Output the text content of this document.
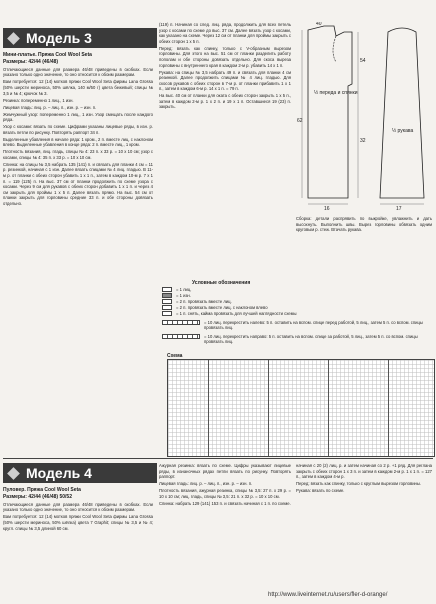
Модель 3

Мини-платье. Пряжа Cool Wool Seta

Размеры: 42/44 (46/48)

Отличающиеся данные для размера 46/48 приведены в скобках. Если указано только одно значение, то оно относится к обоим размерам.

Вам потребуется: 12 (14) мотков пряжи Cool Wool Seta фирмы Lana Grossa (50% шерсти мериноса, 50% шёлка, 140 м/50 г) цвета бежевый; спицы № 3,5 и № 4; крючок № 3.

Резинка: попеременно 1 лиц., 1 изн.

Лицевая гладь: лиц. р. – лиц. п., изн. р. – изн. п.

Жемчужный узор: попеременно 1 лиц., 1 изн. Узор смещать после каждого ряда.

Узор с косами: вязать по схеме. Цифрами указаны лицевые ряды, в изн. р. вязать петли по рисунку. Повторять раппорт 34 п.

Выделенные убавления в начале ряда: 1 кром., 2 п. вместе лиц. с наклоном влево. Выделенные убавления в конце ряда: 2 п. вместе лиц., 1 кром.

Плотность вязания, лиц. гладь, спицы № 4: 23 п. x 33 р. = 10 x 10 см; узор с косами, спицы № 4: 35 п. x 33 р. = 10 x 10 см.

Спинка: на спицы № 3,5 набрать 135 (141) п. и связать для планки 4 см = 11 р. резинкой, начиная с 1 изн. Далее вязать спицами № 4 лиц. гладью. В 11-м р. от планки с обеих сторон убавить 1 x 1 п., затем в каждом 10-м р. 7 x 1 п. = 119 (125) п. На выс. 37 см от планки продолжить по схеме узора с косами. Через 9 см для рукавов с обеих сторон добавить 1 x 1 п. и через 4 см закрыть для проймы 1 x 5 п. Далее вязать прямо. На выс. 54 см от планки закрыть для горловины средние 33 п. и обе стороны довязать отдельно.

(119) п. Начиная со след. лиц. ряда, продолжить для всех петель узор с косами по схеме до выс. 37 см. Далее вязать узор с косами, как указано на схеме. Через 12 см от планки для проймы закрыть с обеих сторон 1 x 5 п.

Перед: вязать как спинку, только с V-образным вырезом горловины. Для этого на выс. 51 см от планки разделить работу пополам и обе стороны довязать отдельно. Для скоса выреза горловины с внутреннего края в каждом 2-м р. убавить 14 x 1 п.

Рукава: на спицы № 3,5 набрать 49 п. и связать для планки 4 см резинкой. Далее продолжить спицами № 4 лиц. гладью. Для скосов рукавов с обеих сторон в 7-м р. от планки прибавить 1 x 1 п., затем в каждом 6-м р. 14 x 1 п. = 79 п.

На выс. 40 см от планки для оката с обеих сторон закрыть 1 x 5 п., затем в каждом 2-м р. 1 x 2 п. и 19 x 1 п. Оставшиеся 19 (23) п. закрыть.

½ переда и спинки
½ рукава
62
54
16	17
40
32

Сборка: детали распрявить по выкройке, увлажнить и дать высохнуть. Выполнить швы. Вырез горловины обвязать одним круговым р. стеж. Втачать рукава.

Условные обозначения
= 1 лиц.
= 1 изн.
= 2 п. провязать вместе лиц.
= 2 п. провязать вместе лиц. с наклоном влево
= 1 п. снять, кайма провязать для лучшей наглядности схемы
= 10 лиц. перекрестить налево: 5 п. оставить на вспом. спице перед работой, 5 лиц., затем 5 п. со вспом. спицы провязать лиц.
= 10 лиц. перекрестить направо: 5 п. оставить на вспом. спице за работой, 5 лиц., затем 5 п. со вспом. спицы провязать лиц.
Схема
Модель 4

Пуловер. Пряжа Cool Wool Seta

Размеры: 42/44 (46/48) 50/52

Отличающиеся данные для размера 46/48 приведены в скобках. Если указано только одно значение, то оно относится к обоим размерам.

Вам потребуется: 12 (14) мотков пряжи Cool Wool Seta фирмы Lana Grossa (50% шерсти мериноса, 50% шёлка) цвета 7 Graphit; спицы № 3,5 и № 4; кругл. спицы № 3,5 длиной 60 см.

Ажурная резинка: вязать по схеме. Цифры указывают лицевые ряды, в изнаночных рядах петли вязать по рисунку. Повторять раппорт.

Лицевая гладь: лиц. р. – лиц. п., изн. р. – изн. п.

Плотность вязания, ажурная резинка, спицы № 3,5: 27 п. x 29 р. = 10 x 10 см; лиц. гладь, спицы № 3,5: 21 п. x 32 р. = 10 x 10 см.

Спинка: набрать 129 (141) 153 п. и связать начиная с 1 п. по схеме.

начиная с 20 (2) лиц. р. и затем начиная со 2 р. +1 ряд. Для реглана закрыть с обеих сторон 1 x 3 п. и затем в каждом 2-м р. 1 x 1 п. = 127 п., затем в каждом 4-м р.

Перед: вязать как спинку, только с круглым вырезом горловины.

Рукава: вязать по схеме.

http://www.liveinternet.ru/users/fler-d-orange/
